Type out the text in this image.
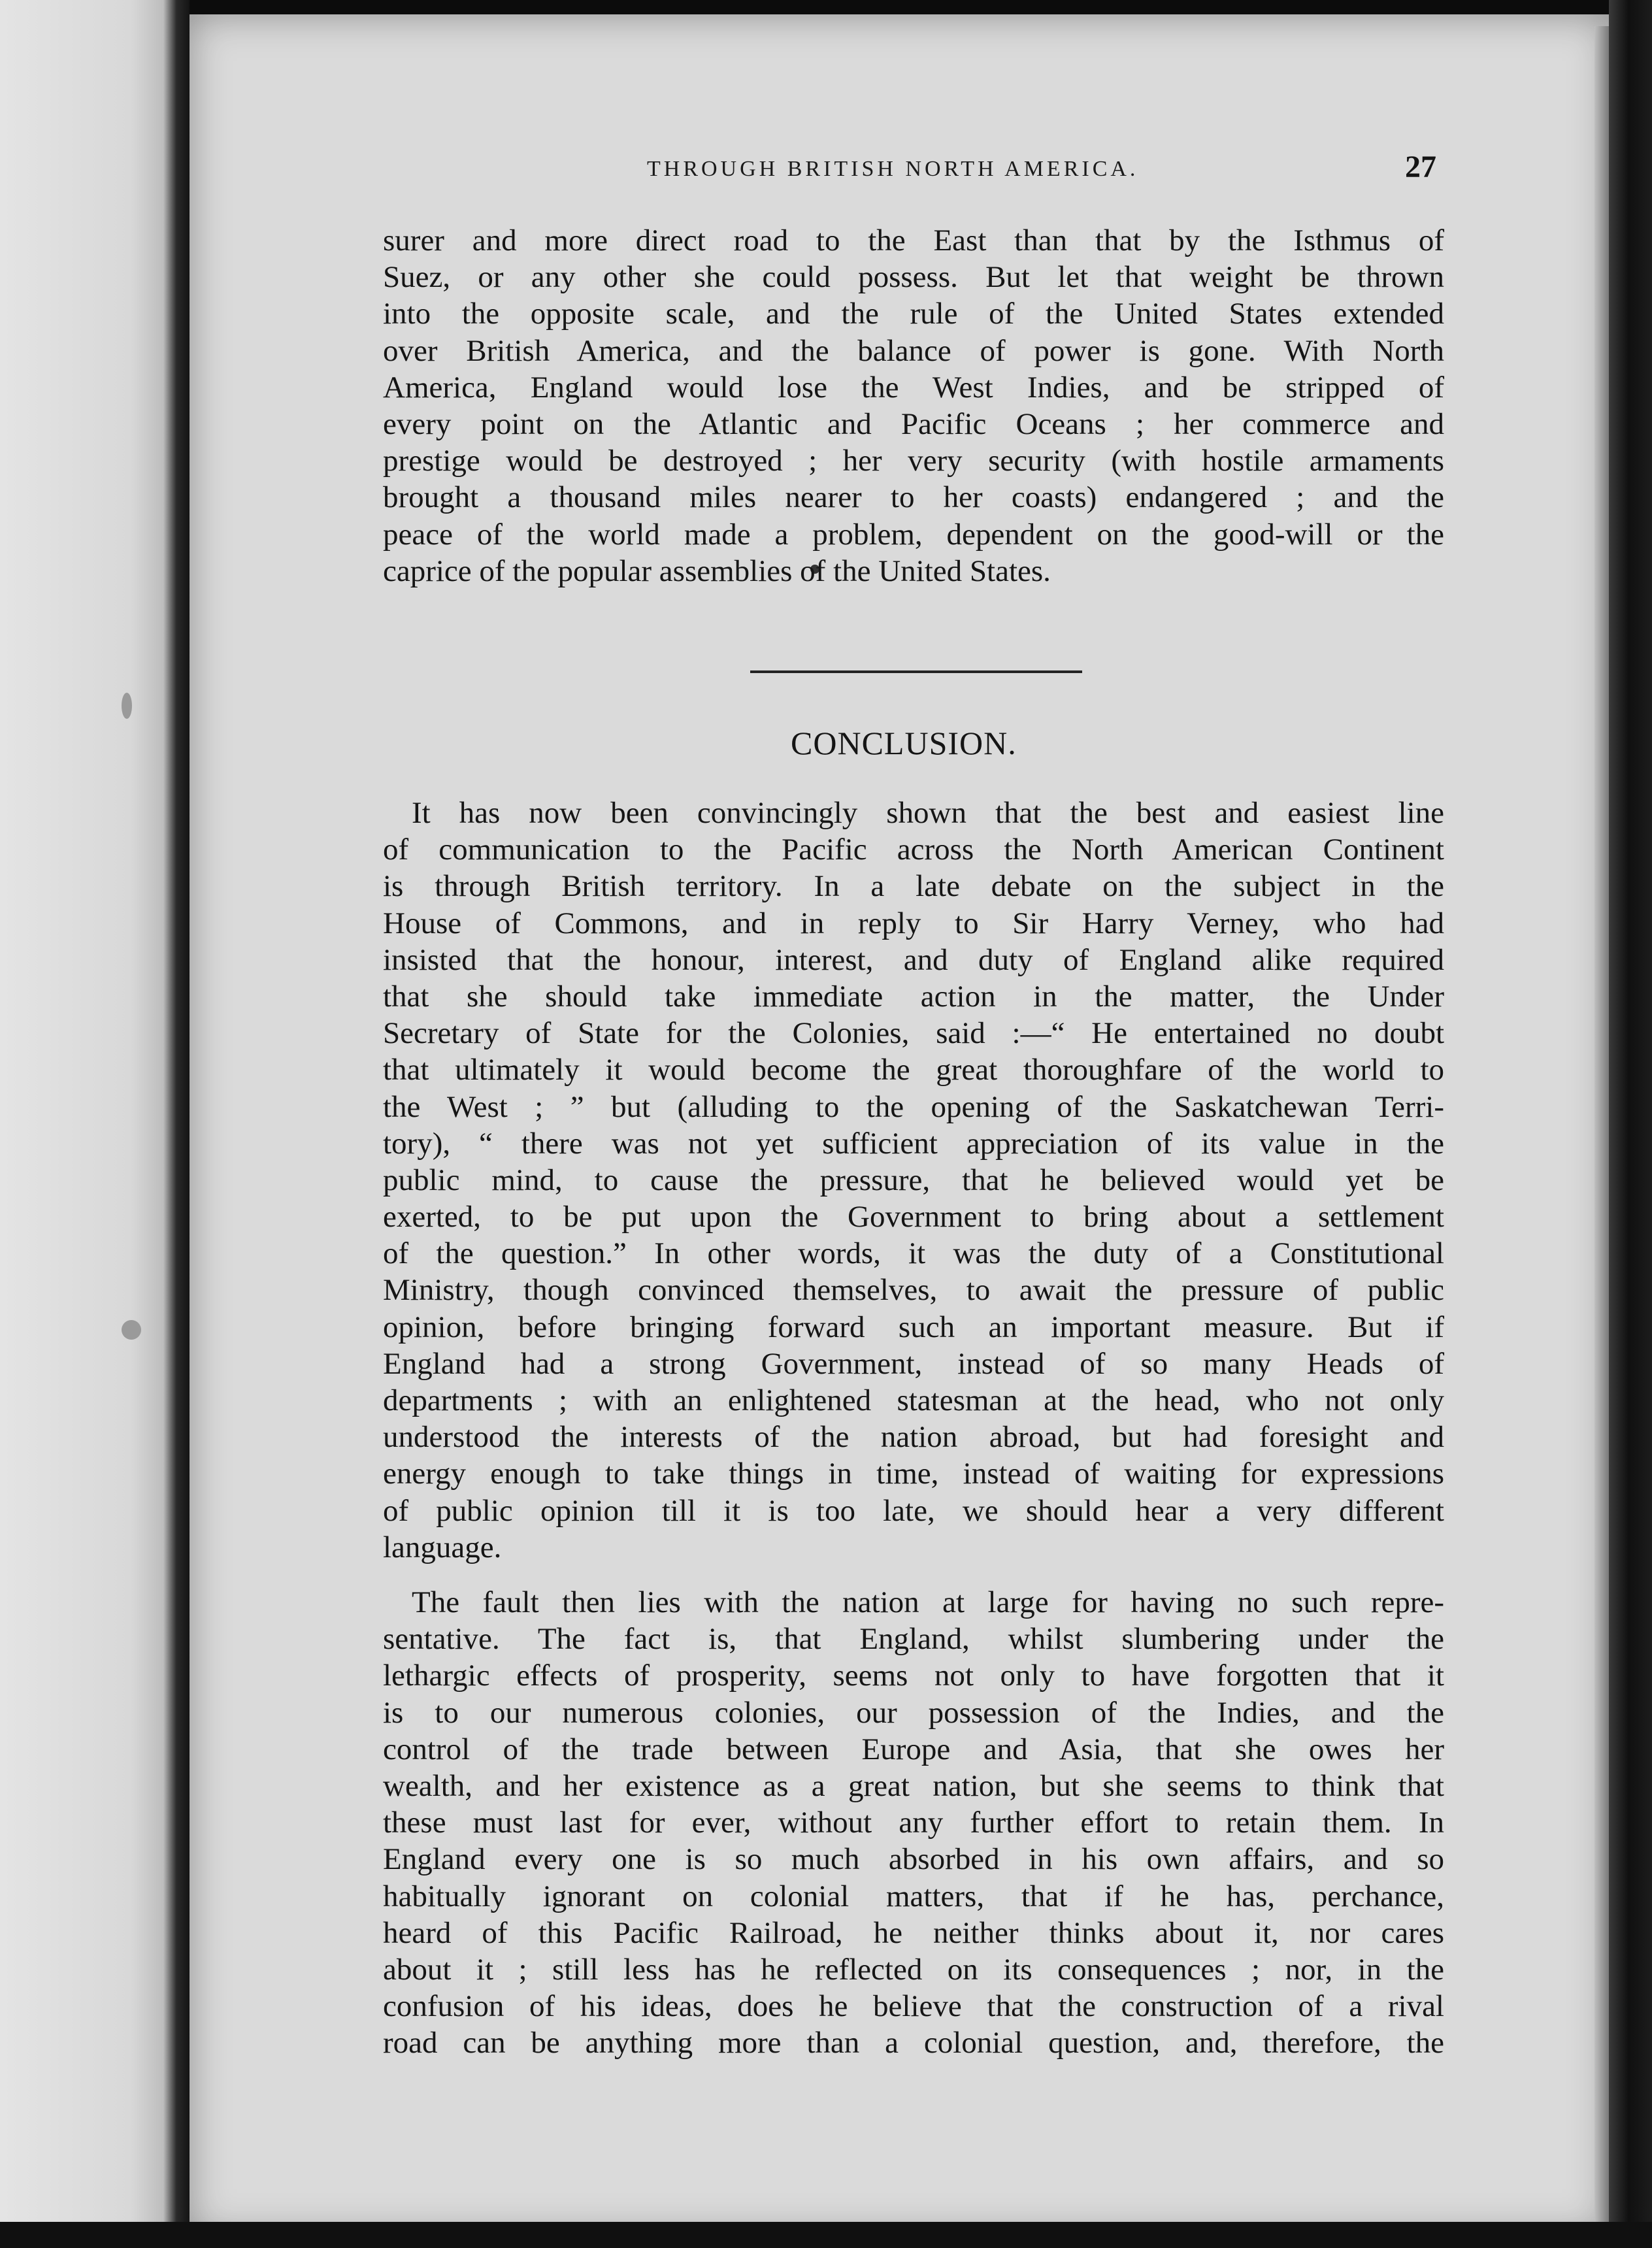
THROUGH BRITISH NORTH AMERICA.	27
surer and more direct road to the East than that by the Isthmus of
Suez, or any other she could possess. But let that weight be thrown
into the opposite scale, and the rule of the United States extended
over British America, and the balance of power is gone. With North
America, England would lose the West Indies, and be stripped of
every point on the Atlantic and Pacific Oceans ; her commerce and
prestige would be destroyed ; her very security (with hostile armaments
brought a thousand miles nearer to her coasts) endangered ; and the
peace of the world made a problem, dependent on the good-will or the
caprice of the popular assemblies of the United States.
CONCLUSION.
It has now been convincingly shown that the best and easiest line
of communication to the Pacific across the North American Continent
is through British territory. In a late debate on the subject in the
House of Commons, and in reply to Sir Harry Verney, who had
insisted that the honour, interest, and duty of England alike required
that she should take immediate action in the matter, the Under
Secretary of State for the Colonies, said :—“ He entertained no doubt
that ultimately it would become the great thoroughfare of the world to
the West ; ” but (alluding to the opening of the Saskatchewan Terri-
tory), “ there was not yet sufficient appreciation of its value in the
public mind, to cause the pressure, that he believed would yet be
exerted, to be put upon the Government to bring about a settlement
of the question.” In other words, it was the duty of a Constitutional
Ministry, though convinced themselves, to await the pressure of public
opinion, before bringing forward such an important measure. But if
England had a strong Government, instead of so many Heads of
departments ; with an enlightened statesman at the head, who not only
understood the interests of the nation abroad, but had foresight and
energy enough to take things in time, instead of waiting for expressions
of public opinion till it is too late, we should hear a very different
language.
The fault then lies with the nation at large for having no such repre-
sentative. The fact is, that England, whilst slumbering under the
lethargic effects of prosperity, seems not only to have forgotten that it
is to our numerous colonies, our possession of the Indies, and the
control of the trade between Europe and Asia, that she owes her
wealth, and her existence as a great nation, but she seems to think that
these must last for ever, without any further effort to retain them. In
England every one is so much absorbed in his own affairs, and so
habitually ignorant on colonial matters, that if he has, perchance,
heard of this Pacific Railroad, he neither thinks about it, nor cares
about it ; still less has he reflected on its consequences ; nor, in the
confusion of his ideas, does he believe that the construction of a rival
road can be anything more than a colonial question, and, therefore, the
